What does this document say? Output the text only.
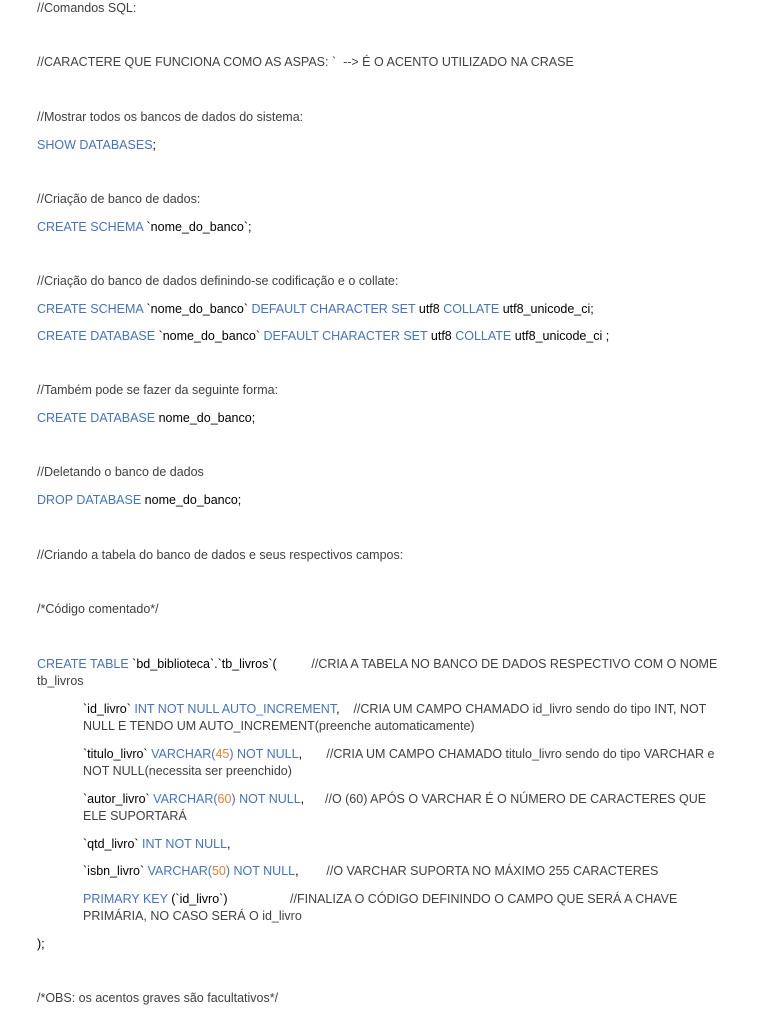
//Comandos SQL:
//CARACTERE QUE FUNCIONA COMO AS ASPAS: `  --> É O ACENTO UTILIZADO NA CRASE
//Mostrar todos os bancos de dados do sistema:
SHOW DATABASES;
//Criação de banco de dados:
CREATE SCHEMA `nome_do_banco`;
//Criação do banco de dados definindo-se codificação e o collate:
CREATE SCHEMA `nome_do_banco` DEFAULT CHARACTER SET utf8 COLLATE utf8_unicode_ci;
CREATE DATABASE `nome_do_banco` DEFAULT CHARACTER SET utf8 COLLATE utf8_unicode_ci ;
//Também pode se fazer da seguinte forma:
CREATE DATABASE nome_do_banco;
//Deletando o banco de dados
DROP DATABASE nome_do_banco;
//Criando a tabela do banco de dados e seus respectivos campos:
/*Código comentado*/
CREATE TABLE `bd_biblioteca`.`tb_livros`(          //CRIA A TABELA NO BANCO DE DADOS RESPECTIVO COM O NOME tb_livros
`id_livro` INT NOT NULL AUTO_INCREMENT,    //CRIA UM CAMPO CHAMADO id_livro sendo do tipo INT, NOT NULL E TENDO UM AUTO_INCREMENT(preenche automaticamente)
`titulo_livro` VARCHAR(45) NOT NULL,       //CRIA UM CAMPO CHAMADO titulo_livro sendo do tipo VARCHAR e NOT NULL(necessita ser preenchido)
`autor_livro` VARCHAR(60) NOT NULL,      //O (60) APÓS O VARCHAR É O NÚMERO DE CARACTERES QUE ELE SUPORTARÁ
`qtd_livro` INT NOT NULL,
`isbn_livro` VARCHAR(50) NOT NULL,        //O VARCHAR SUPORTA NO MÁXIMO 255 CARACTERES
PRIMARY KEY (`id_livro`)                  //FINALIZA O CÓDIGO DEFININDO O CAMPO QUE SERÁ A CHAVE PRIMÁRIA, NO CASO SERÁ O id_livro
);
/*OBS: os acentos graves são facultativos*/
